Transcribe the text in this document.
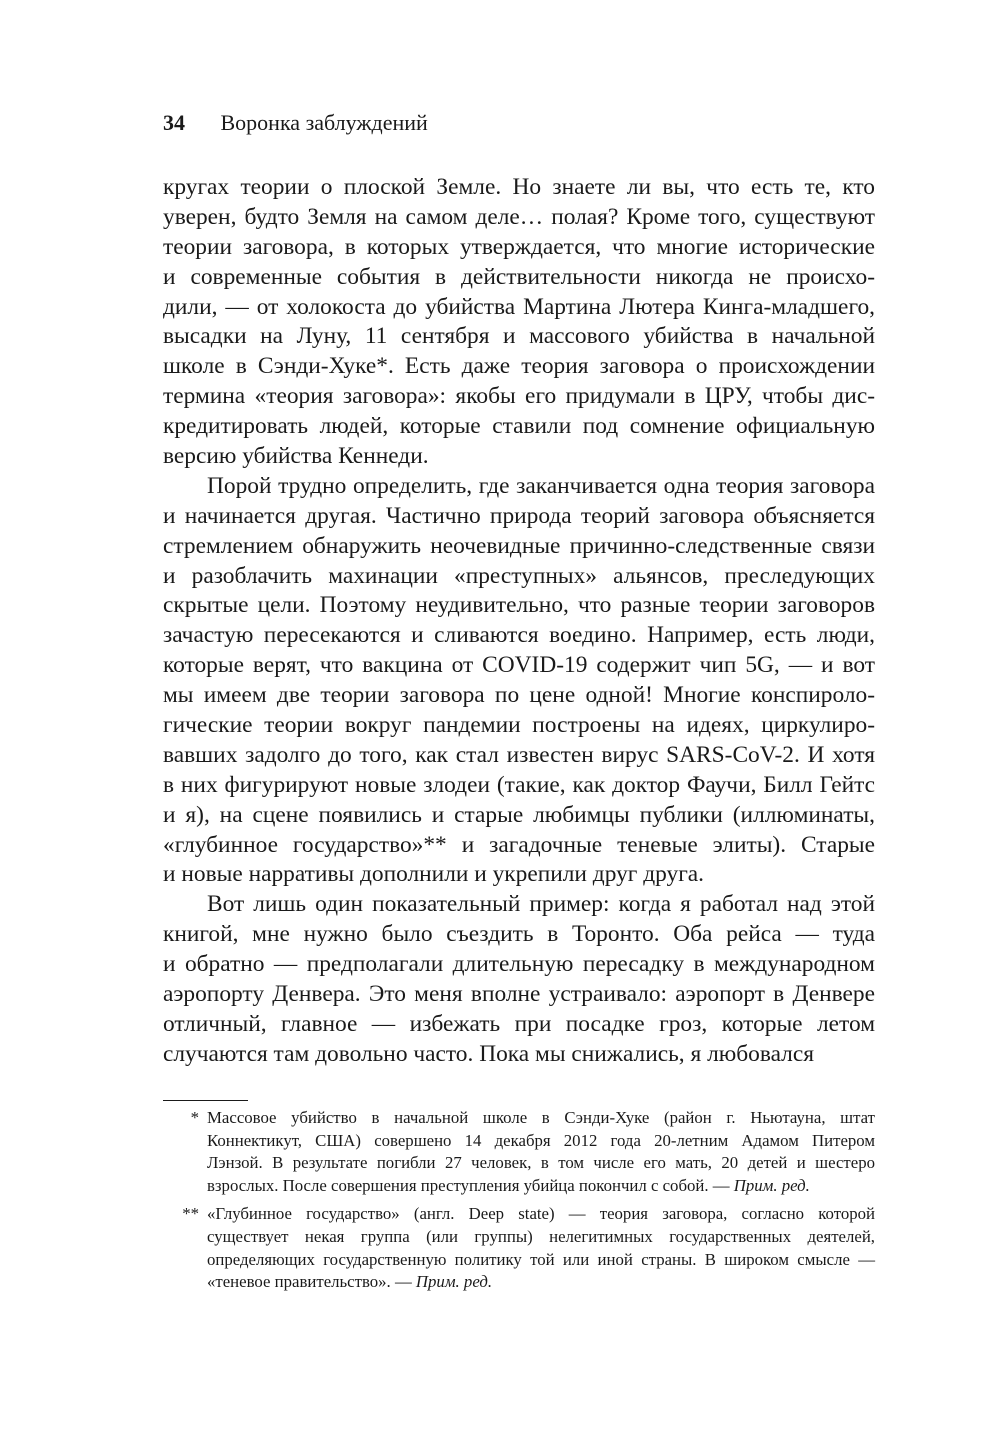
34 Воронка заблуждений
кругах теории о плоской Земле. Но знаете ли вы, что есть те, кто
уверен, будто Земля на самом деле… полая? Кроме того, существуют
теории заговора, в которых утверждается, что многие исторические
и современные события в действительности никогда не происхо-
дили, — от холокоста до убийства Мартина Лютера Кинга-младшего,
высадки на Луну, 11 сентября и массового убийства в начальной
школе в Сэнди-Хуке*. Есть даже теория заговора о происхождении
термина «теория заговора»: якобы его придумали в ЦРУ, чтобы дис-
кредитировать людей, которые ставили под сомнение официальную
версию убийства Кеннеди.
Порой трудно определить, где заканчивается одна теория заговора
и начинается другая. Частично природа теорий заговора объясняется
стремлением обнаружить неочевидные причинно-следственные связи
и разоблачить махинации «преступных» альянсов, преследующих
скрытые цели. Поэтому неудивительно, что разные теории заговоров
зачастую пересекаются и сливаются воедино. Например, есть люди,
которые верят, что вакцина от COVID-19 содержит чип 5G, — и вот
мы имеем две теории заговора по цене одной! Многие конспироло-
гические теории вокруг пандемии построены на идеях, циркулиро-
вавших задолго до того, как стал известен вирус SARS-CoV-2. И хотя
в них фигурируют новые злодеи (такие, как доктор Фаучи, Билл Гейтс
и я), на сцене появились и старые любимцы публики (иллюминаты,
«глубинное государство»** и загадочные теневые элиты). Старые
и новые нарративы дополнили и укрепили друг друга.
Вот лишь один показательный пример: когда я работал над этой
книгой, мне нужно было съездить в Торонто. Оба рейса — туда
и обратно — предполагали длительную пересадку в международном
аэропорту Денвера. Это меня вполне устраивало: аэропорт в Денвере
отличный, главное — избежать при посадке гроз, которые летом
случаются там довольно часто. Пока мы снижались, я любовался
* Массовое убийство в начальной школе в Сэнди-Хуке (район г. Ньютауна, штат
Коннектикут, США) совершено 14 декабря 2012 года 20-летним Адамом Питером
Лэнзой. В результате погибли 27 человек, в том числе его мать, 20 детей и шестеро
взрослых. После совершения преступления убийца покончил с собой. — Прим. ред.
** «Глубинное государство» (англ. Deep state) — теория заговора, согласно которой
существует некая группа (или группы) нелегитимных государственных деятелей,
определяющих государственную политику той или иной страны. В широком смысле —
«теневое правительство». — Прим. ред.
